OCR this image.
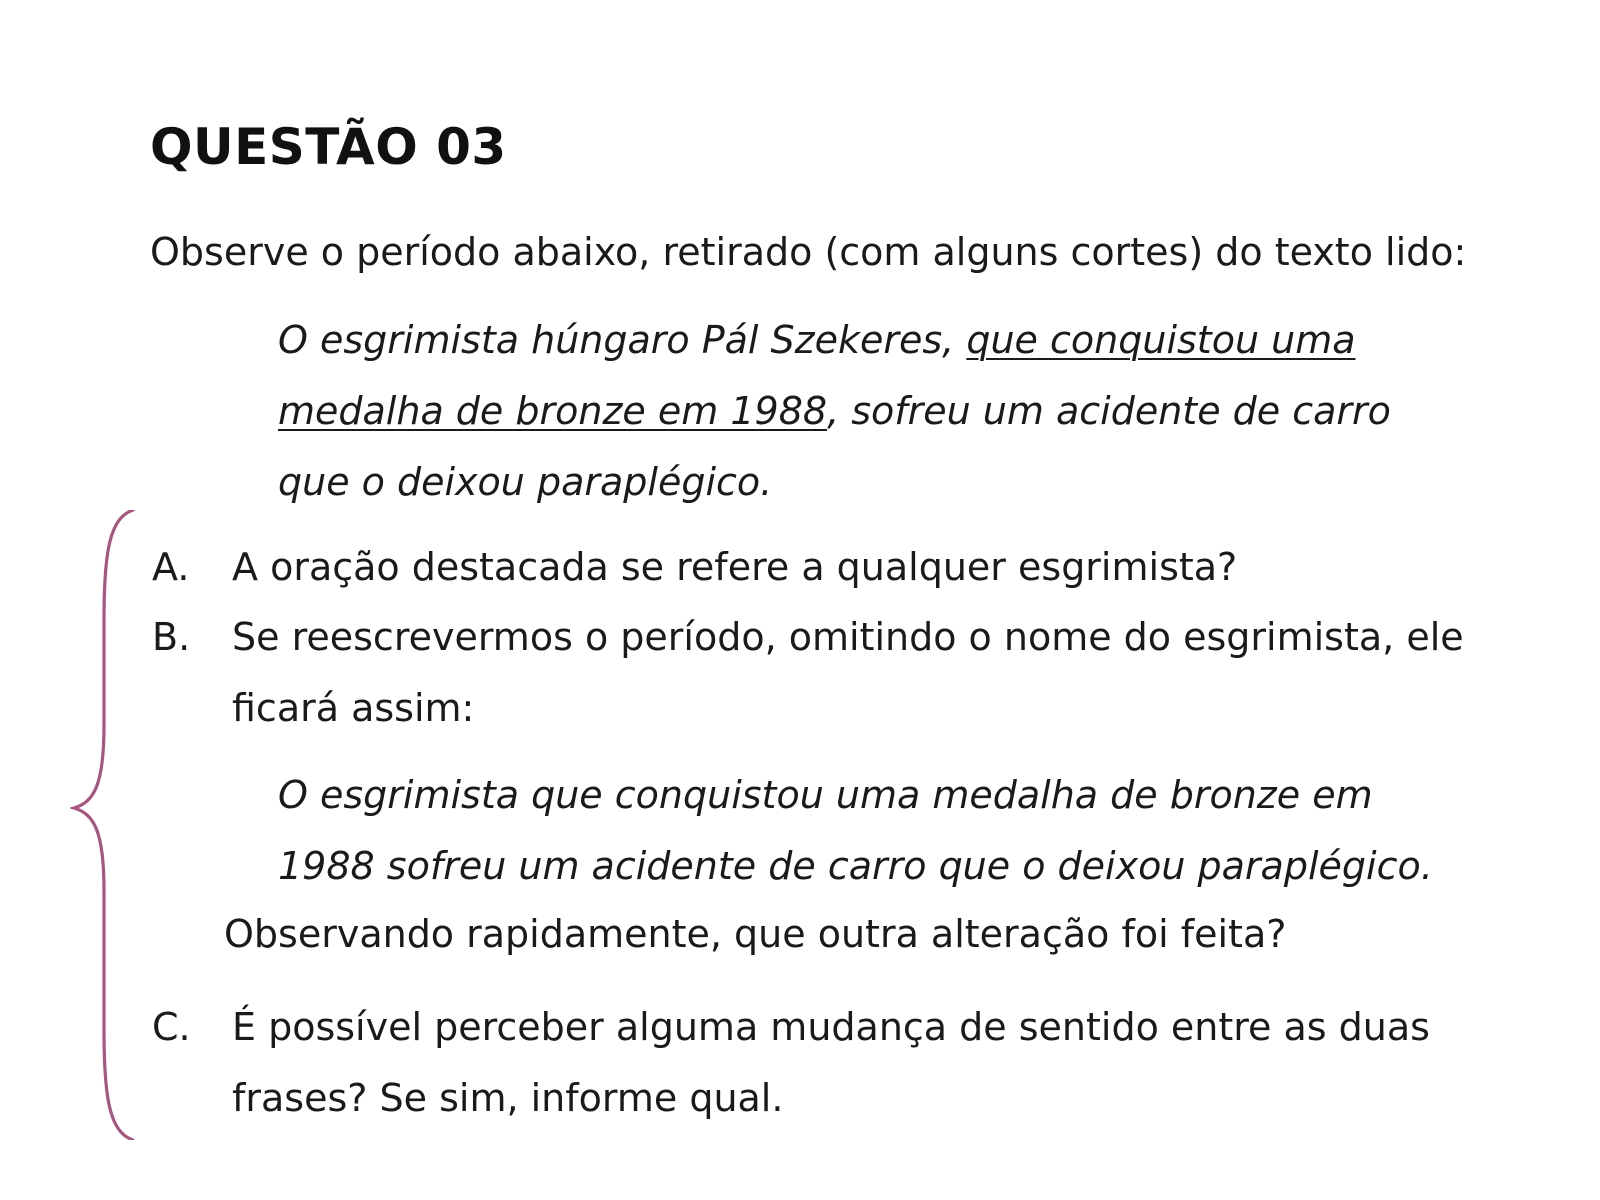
QUESTÃO 03
Observe o período abaixo, retirado (com alguns cortes) do texto lido:
O esgrimista húngaro Pál Szekeres, que conquistou uma
medalha de bronze em 1988, sofreu um acidente de carro
que o deixou paraplégico.
A. A oração destacada se refere a qualquer esgrimista?
B. Se reescrevermos o período, omitindo o nome do esgrimista, ele
ficará assim:
O esgrimista que conquistou uma medalha de bronze em
1988 sofreu um acidente de carro que o deixou paraplégico.
Observando rapidamente, que outra alteração foi feita?
C. É possível perceber alguma mudança de sentido entre as duas
frases? Se sim, informe qual.
